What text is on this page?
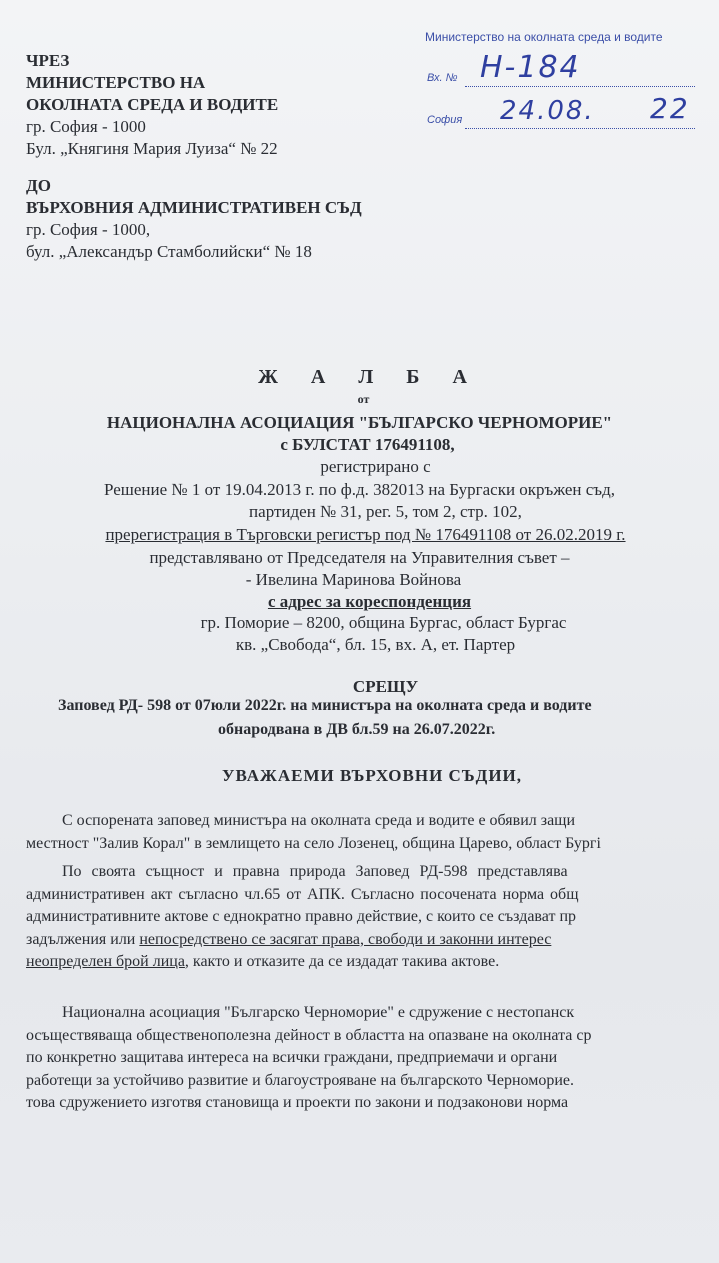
ЧРЕЗ
МИНИСТЕРСТВО НА
ОКОЛНАТА СРЕДА И ВОДИТЕ
гр. София - 1000
Бул. „Княгиня Мария Луиза“ № 22
ДО
ВЪРХОВНИЯ АДМИНИСТРАТИВЕН СЪД
гр. София - 1000,
бул. „Александър Стамболийски“ № 18
Министерство на околната среда и водите
Вх. № Н-184
София 24.08. 22
Ж А Л Б А
от
НАЦИОНАЛНА АСОЦИАЦИЯ "БЪЛГАРСКО ЧЕРНОМОРИЕ"
с БУЛСТАТ 176491108,
регистрирано с
Решение № 1 от 19.04.2013 г. по ф.д. 382013 на Бургаски окръжен съд,
партиден № 31, рег. 5, том 2, стр. 102,
пререгистрация в Търговски регистър под № 176491108 от 26.02.2019 г.
представлявано от Председателя на Управителния съвет –
- Ивелина Маринова Войнова
с адрес за кореспонденция
гр. Поморие – 8200, община Бургас, област Бургас
кв. „Свобода“, бл. 15, вх. А, ет. Партер
СРЕЩУ
Заповед РД- 598 от 07юли 2022г. на министъра на околната среда и водите
обнародвана в ДВ бл.59 на 26.07.2022г.
УВАЖАЕМИ ВЪРХОВНИ СЪДИИ,
С оспорената заповед министъра на околната среда и водите е обявил защи
местност "Залив Корал" в землището на село Лозенец, община Царево, област Бургі
По своята същност и правна природа Заповед РД-598 представлява
административен акт съгласно чл.65 от АПК. Съгласно посочената норма общ
административните актове с еднократно правно действие, с които се създават пр
задължения или непосредствено се засягат права, свободи и законни интерес
неопределен брой лица, както и отказите да се издадат такива актове.
Национална асоциация "Българско Черноморие" е сдружение с нестопанск
осъществяваща общественополезна дейност в областта на опазване на околната ср
по конкретно защитава интереса на всички граждани, предприемачи и органи
работещи за устойчиво развитие и благоустрояване на българското Черноморие.
това сдружението изготвя становища и проекти по закони и подзаконови норма
